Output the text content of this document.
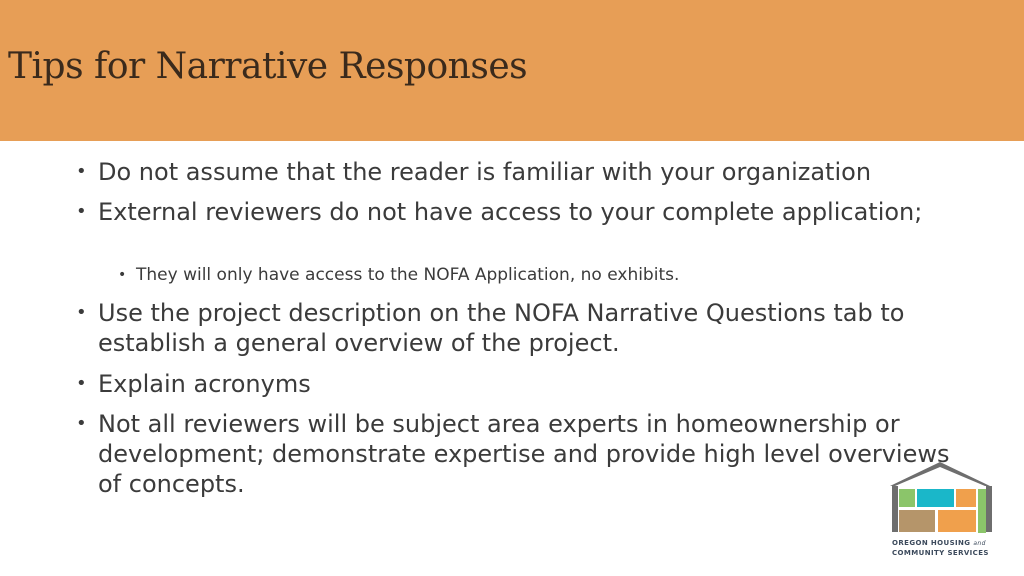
Tips for Narrative Responses
• Do not assume that the reader is familiar with your organization
• External reviewers do not have access to your complete application;
• They will only have access to the NOFA Application, no exhibits.
• Use the project description on the NOFA Narrative Questions tab to establish a general overview of the project.
• Explain acronyms
• Not all reviewers will be subject area experts in homeownership or development; demonstrate expertise and provide high level overviews of concepts.
OREGON HOUSING and
COMMUNITY SERVICES
